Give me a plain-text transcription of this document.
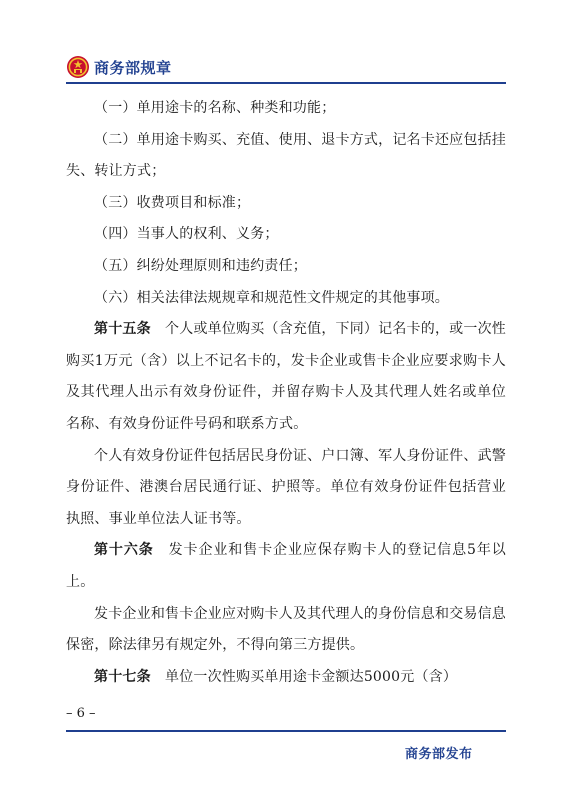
商务部规章

（一）单用途卡的名称、种类和功能；

（二）单用途卡购买、充值、使用、退卡方式，记名卡还应包括挂失、转让方式；

（三）收费项目和标准；

（四）当事人的权利、义务；

（五）纠纷处理原则和违约责任；

（六）相关法律法规规章和规范性文件规定的其他事项。

第十五条　 个人或单位购买（含充值，下同）记名卡的，或一次性购买1万元（含）以上不记名卡的，发卡企业或售卡企业应要求购卡人及其代理人出示有效身份证件，并留存购卡人及其代理人姓名或单位名称、有效身份证件号码和联系方式。

个人有效身份证件包括居民身份证、户口簿、军人身份证件、武警身份证件、港澳台居民通行证、护照等。单位有效身份证件包括营业执照、事业单位法人证书等。

第十六条　 发卡企业和售卡企业应保存购卡人的登记信息5年以上。

发卡企业和售卡企业应对购卡人及其代理人的身份信息和交易信息保密，除法律另有规定外，不得向第三方提供。

第十七条　 单位一次性购买单用途卡金额达5000元（含）

– 6 –
商务部发布
